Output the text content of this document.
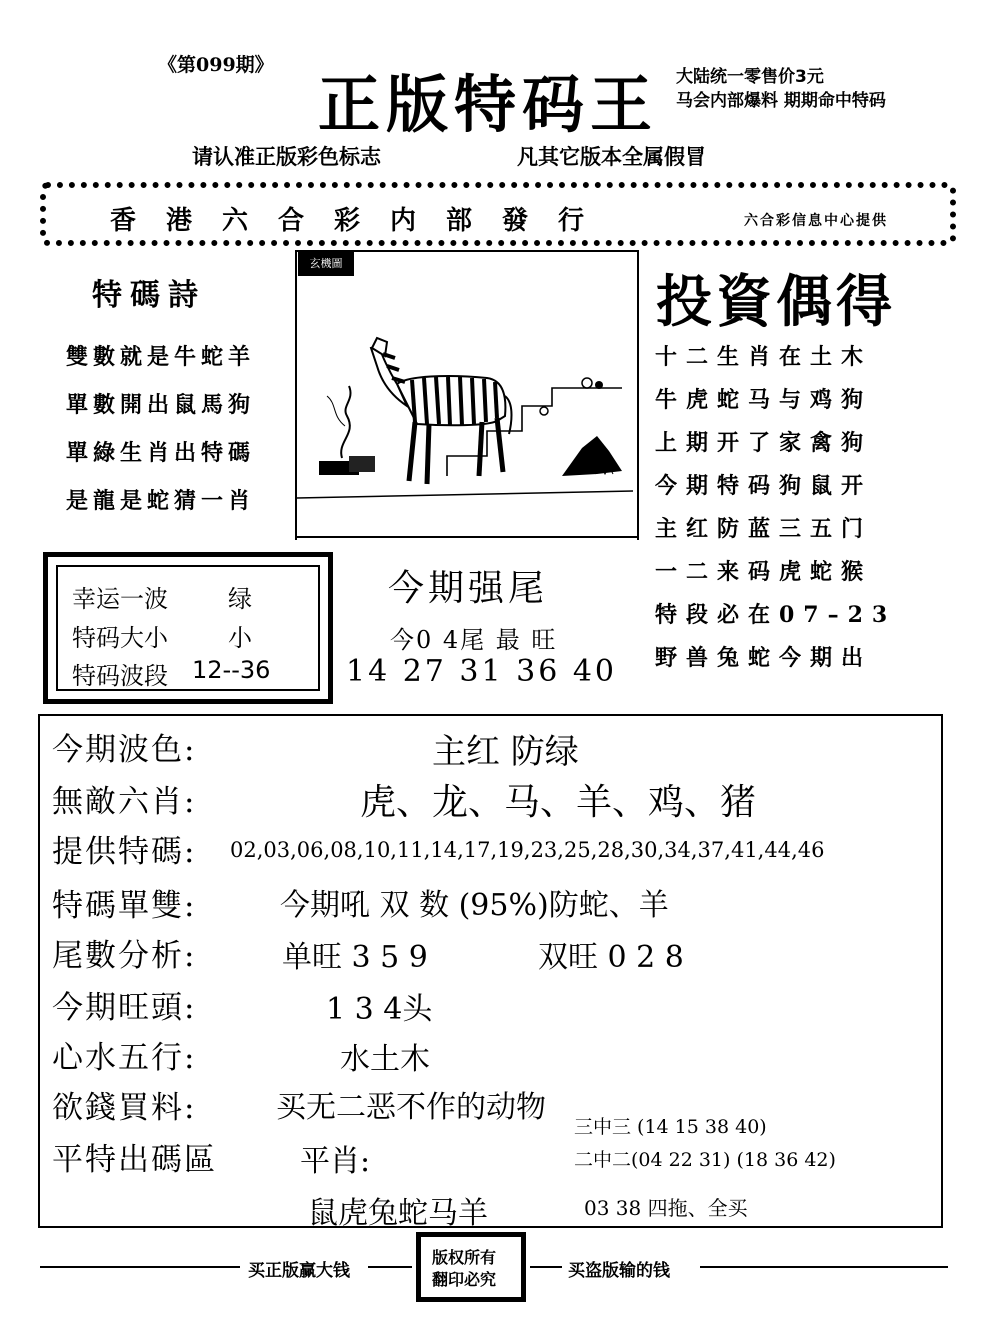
《第099期》
正版特码王 大陆统一零售价3元
马会内部爆料 期期命中特码
请认准正版彩色标志	凡其它版本全属假冒
香港六合彩内部發行	六合彩信息中心提供
特碼詩
雙數就是牛蛇羊
單數開出鼠馬狗
單綠生肖出特碼
是龍是蛇猜一肖
玄機圖
投資偶得
十二生肖在土木
牛虎蛇马与鸡狗
上期开了家禽狗
今期特码狗鼠开
主红防蓝三五门
一二来码虎蛇猴
特段必在07–23
野兽兔蛇今期出
幸运一波	绿
特码大小	小
特码波段 12--36
今期强尾
今0 4尾 最 旺
14 27 31 36 40
今期波色:	主红 防绿
無敵六肖:	虎、龙、马、羊、鸡、猪
提供特碼: 02,03,06,08,10,11,14,17,19,23,25,28,30,34,37,41,44,46
特碼單雙:	今期吼 双 数 (95%)防蛇、羊
尾數分析:	单旺 3 5 9	双旺 0 2 8
今期旺頭:	1 3 4头
心水五行:	水土木
欲錢買料:	买无二恶不作的动物
平特出碼區	平肖:
鼠虎兔蛇马羊
三中三 (14 15 38 40)
二中二(04 22 31) (18 36 42)
03 38 四拖、全买
买正版赢大钱
版权所有
翻印必究	买盗版输的钱
